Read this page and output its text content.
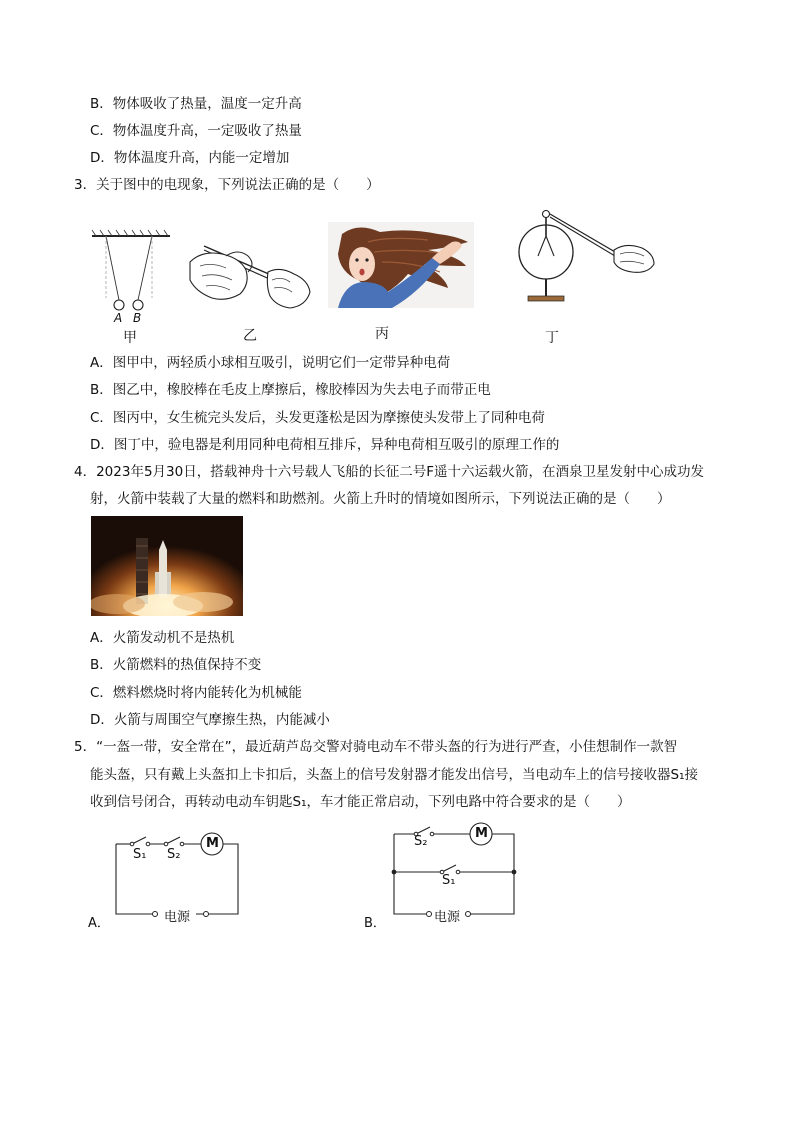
B．物体吸收了热量，温度一定升高
C．物体温度升高，一定吸收了热量
D．物体温度升高，内能一定增加
3．关于图中的电现象，下列说法正确的是（　　）
A B
甲	乙	丙	丁
A．图甲中，两轻质小球相互吸引，说明它们一定带异种电荷
B．图乙中，橡胶棒在毛皮上摩擦后，橡胶棒因为失去电子而带正电
C．图丙中，女生梳完头发后，头发更蓬松是因为摩擦使头发带上了同种电荷
D．图丁中，验电器是利用同种电荷相互排斥，异种电荷相互吸引的原理工作的
4．2023年5月30日，搭载神舟十六号载人飞船的长征二号F遥十六运载火箭，在酒泉卫星发射中心成功发
射，火箭中装载了大量的燃料和助燃剂。火箭上升时的情境如图所示，下列说法正确的是（　　）
A．火箭发动机不是热机
B．火箭燃料的热值保持不变
C．燃料燃烧时将内能转化为机械能
D．火箭与周围空气摩擦生热，内能减小
5．“一盔一带，安全常在”，最近葫芦岛交警对骑电动车不带头盔的行为进行严查，小佳想制作一款智
能头盔，只有戴上头盔扣上卡扣后，头盔上的信号发射器才能发出信号，当电动车上的信号接收器S₁接
收到信号闭合，再转动电动车钥匙S₁，车才能正常启动，下列电路中符合要求的是（　　）
M
S₁ S₂
电源
A．
M
S₂
S₁
电源
B．
